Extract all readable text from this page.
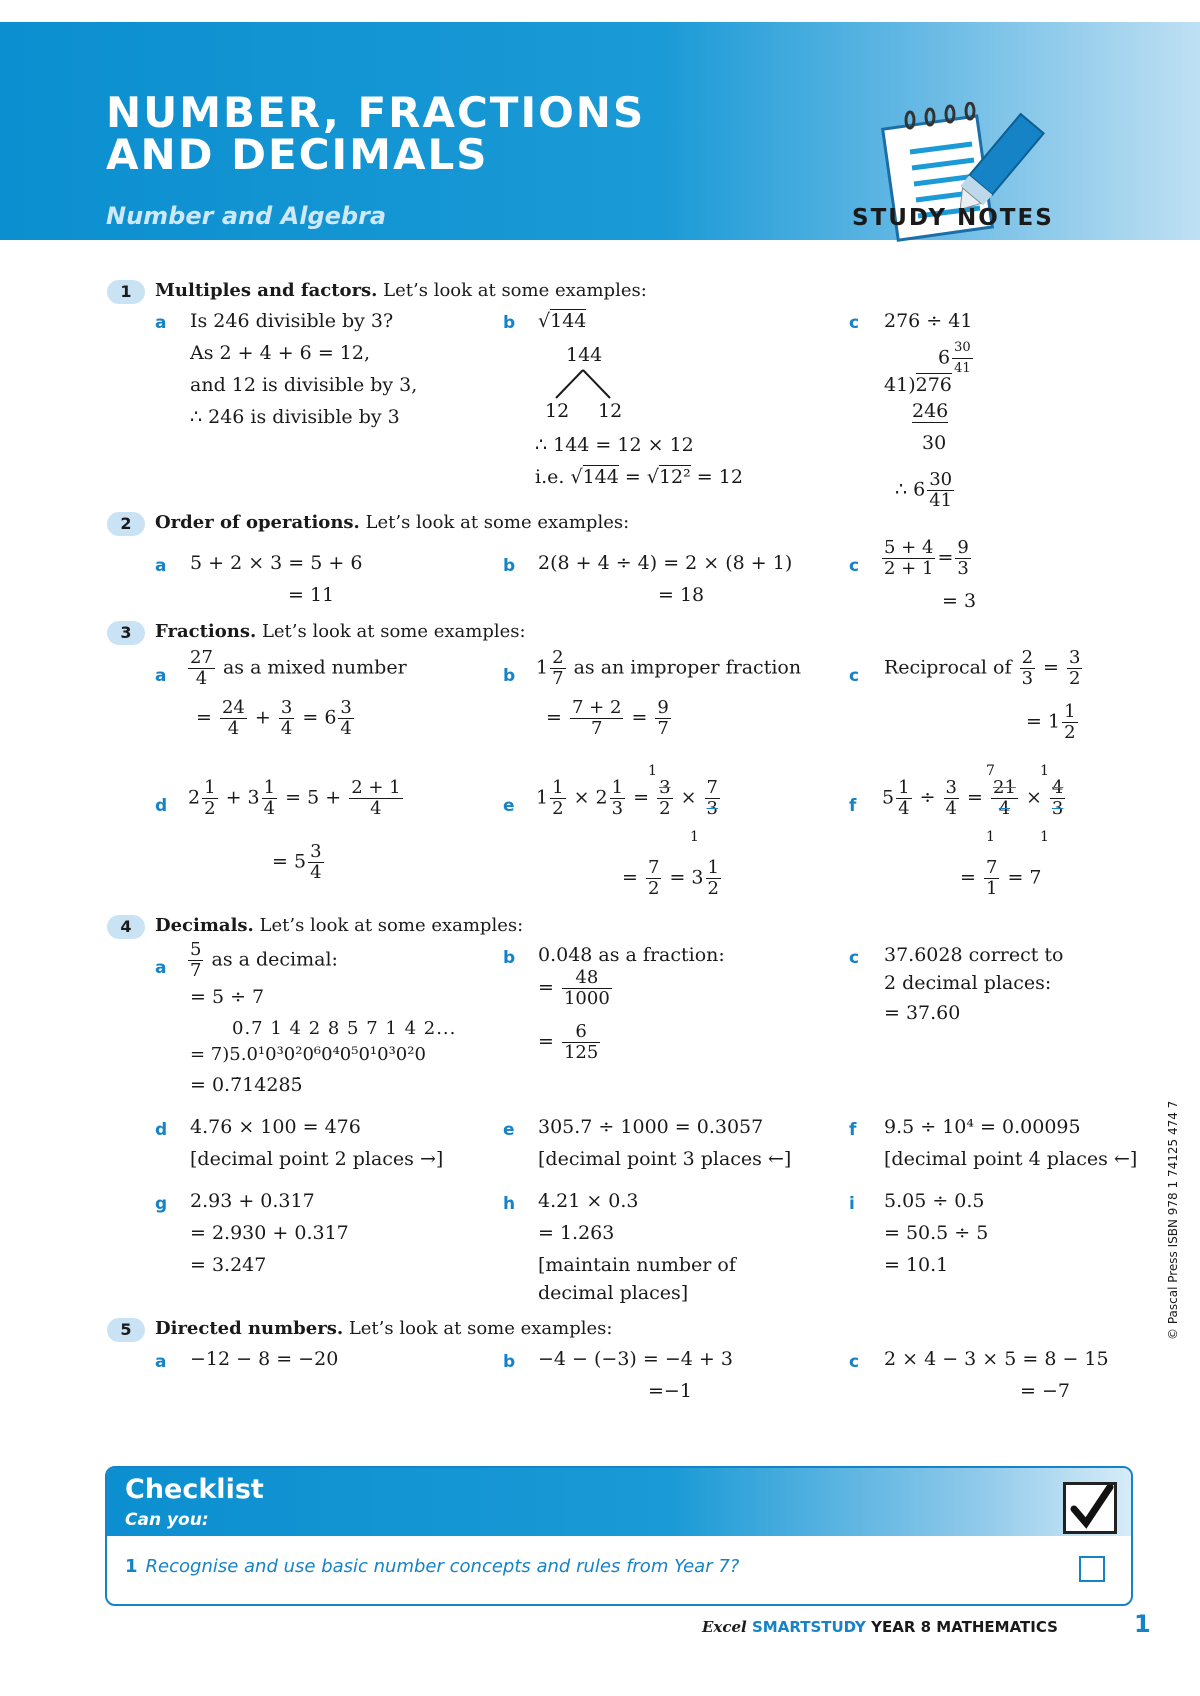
NUMBER, FRACTIONS
AND DECIMALS
Number and Algebra	STUDY NOTES
1	Multiples and factors. Let’s look at some examples:
a Is 246 divisible by 3?
As 2 + 4 + 6 = 12,
and 12 is divisible by 3,
∴ 246 is divisible by 3
b √144
144
12 12
∴ 144 = 12 × 12
i.e. √144 = √12² = 12
c 276 ÷ 41
$6 \frac{30}{41}$
41)276
246
30
∴ $6 \frac{30}{41}$
2	Order of operations. Let’s look at some examples:
a 5 + 2 × 3 = 5 + 6
= 11
b 2(8 + 4 ÷ 4) = 2 × (8 + 1)
= 18
c $\frac{5 + 4}{2 + 1} = \frac{9}{3}$
= 3
3	Fractions. Let’s look at some examples:
a $\frac{27}{4}$ as a mixed number
= $\frac{24}{4} + \frac{3}{4} = 6 \frac{3}{4}$
b $1 \frac{2}{7}$ as an improper fraction
= $\frac{7 + 2}{7} = \frac{9}{7}$
c Reciprocal of $\frac{2}{3} = \frac{3}{2}$
= $1 \frac{1}{2}$
d $2 \frac{1}{2} + 3 \frac{1}{4} = 5 + \frac{2 + 1}{4}$
= $5 \frac{3}{4}$
e $1 \frac{1}{2} \times 2 \frac{1}{3} = \frac{3}{2} \times \frac{7}{3}$
1
1
= $\frac{7}{2} = 3 \frac{1}{2}$
f $5 \frac{1}{4} \div \frac{3}{4} = \frac{21}{4} \times \frac{4}{3}$
7	1
1	1
= $\frac{7}{1} = 7$
4	Decimals. Let’s look at some examples:
a $\frac{5}{7}$ as a decimal:
= 5 ÷ 7
0.7 1 4 2 8 5 7 1 4 2...
= 7)5.0¹0³0²0⁶0⁴0⁵0¹0³0²0
= 0.7̇14285̇
b 0.048 as a fraction:
= $\frac{48}{1000}$
= $\frac{6}{125}$
c 37.6028 correct to
2 decimal places:
= 37.60
d 4.76 × 100 = 476
[decimal point 2 places →]
e 305.7 ÷ 1000 = 0.3057
[decimal point 3 places ←]
f 9.5 ÷ 10⁴ = 0.00095
[decimal point 4 places ←]
g 2.93 + 0.317
= 2.930 + 0.317
= 3.247
h 4.21 × 0.3
= 1.263
[maintain number of
decimal places]
i 5.05 ÷ 0.5
= 50.5 ÷ 5
= 10.1
5	Directed numbers. Let’s look at some examples:
a −12 − 8 = −20	b −4 − (−3) = −4 + 3
=−1
c 2 × 4 − 3 × 5 = 8 − 15
= −7
Checklist
Can you:
1 Recognise and use basic number concepts and rules from Year 7?
© Pascal Press ISBN 978 1 74125 474 7
Excel SMARTSTUDY YEAR 8 MATHEMATICS	1
